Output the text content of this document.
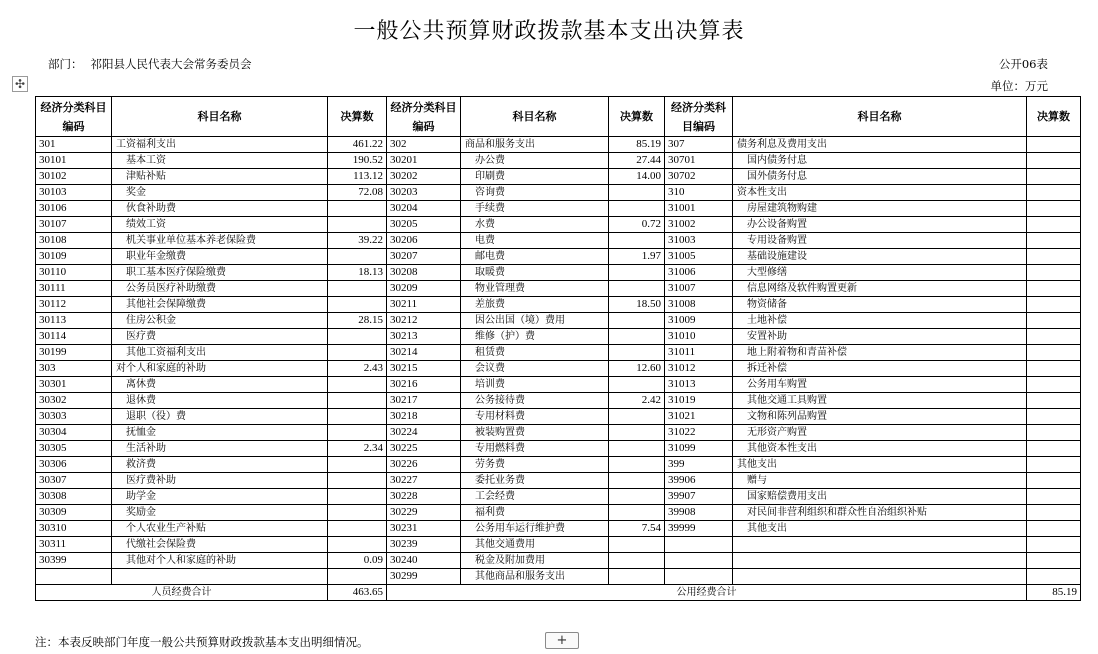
一般公共预算财政拨款基本支出决算表
部门： 祁阳县人民代表大会常务委员会	公开06表
单位：万元
✣
经济分类科目编码	科目名称	决算数	经济分类科目编码	科目名称	决算数	经济分类科目编码	科目名称	决算数
301	工资福利支出	461.22	302	商品和服务支出	85.19	307	债务利息及费用支出	
30101	基本工资	190.52	30201	办公费	27.44	30701	国内债务付息	
30102	津贴补贴	113.12	30202	印刷费	14.00	30702	国外债务付息	
30103	奖金	72.08	30203	咨询费		310	资本性支出	
30106	伙食补助费		30204	手续费		31001	房屋建筑物购建	
30107	绩效工资		30205	水费	0.72	31002	办公设备购置	
30108	机关事业单位基本养老保险费	39.22	30206	电费		31003	专用设备购置	
30109	职业年金缴费		30207	邮电费	1.97	31005	基础设施建设	
30110	职工基本医疗保险缴费	18.13	30208	取暖费		31006	大型修缮	
30111	公务员医疗补助缴费		30209	物业管理费		31007	信息网络及软件购置更新	
30112	其他社会保障缴费		30211	差旅费	18.50	31008	物资储备	
30113	住房公积金	28.15	30212	因公出国（境）费用		31009	土地补偿	
30114	医疗费		30213	维修（护）费		31010	安置补助	
30199	其他工资福利支出		30214	租赁费		31011	地上附着物和青苗补偿	
303	对个人和家庭的补助	2.43	30215	会议费	12.60	31012	拆迁补偿	
30301	离休费		30216	培训费		31013	公务用车购置	
30302	退休费		30217	公务接待费	2.42	31019	其他交通工具购置	
30303	退职（役）费		30218	专用材料费		31021	文物和陈列品购置	
30304	抚恤金		30224	被装购置费		31022	无形资产购置	
30305	生活补助	2.34	30225	专用燃料费		31099	其他资本性支出	
30306	救济费		30226	劳务费		399	其他支出	
30307	医疗费补助		30227	委托业务费		39906	赠与	
30308	助学金		30228	工会经费		39907	国家赔偿费用支出	
30309	奖励金		30229	福利费		39908	对民间非营利组织和群众性自治组织补贴	
30310	个人农业生产补贴		30231	公务用车运行维护费	7.54	39999	其他支出	
30311	代缴社会保险费		30239	其他交通费用				
30399	其他对个人和家庭的补助	0.09	30240	税金及附加费用				
			30299	其他商品和服务支出				
人员经费合计		463.65	公用经费合计					85.19
注：本表反映部门年度一般公共预算财政拨款基本支出明细情况。	+
